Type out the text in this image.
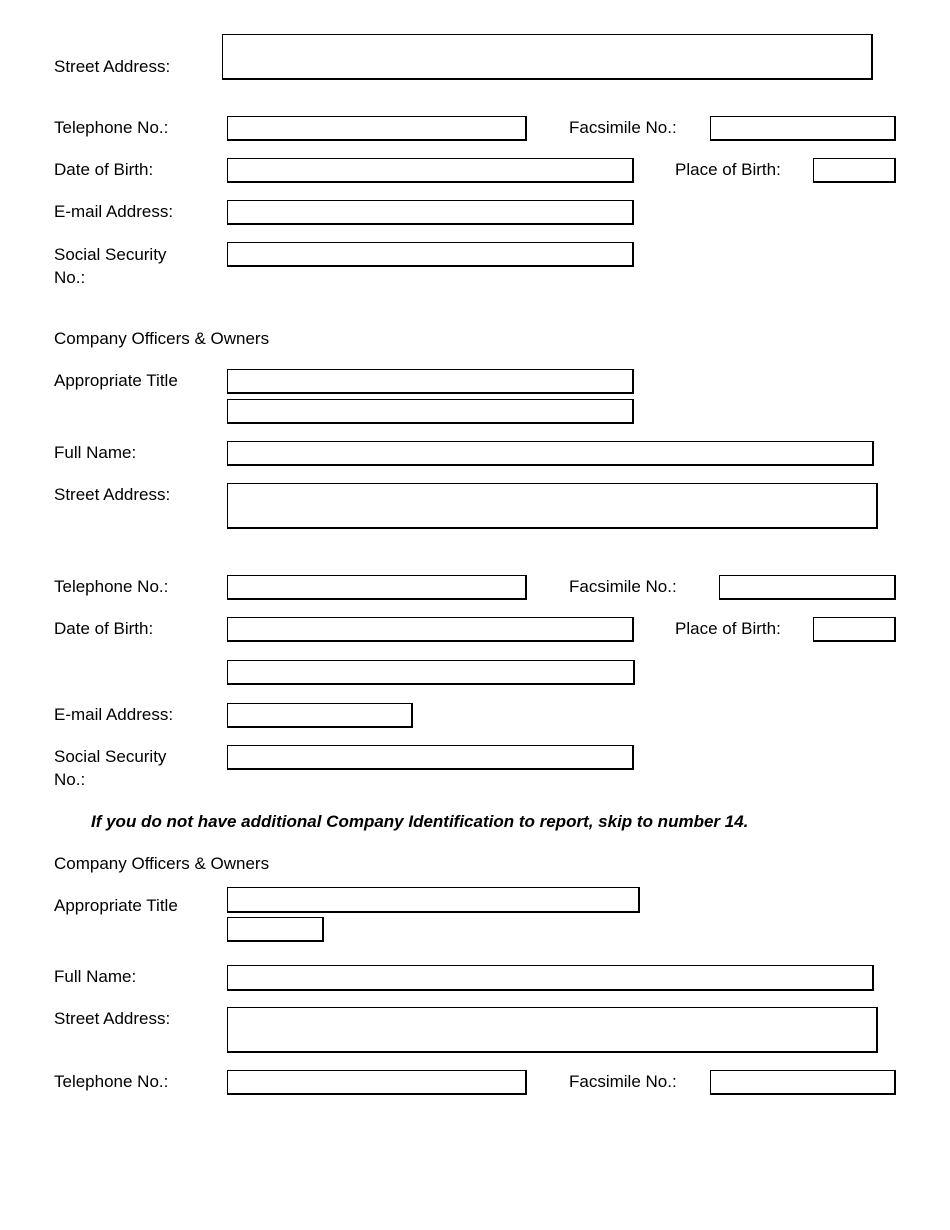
Street Address:
Telephone No.:	Facsimile No.:
Date of Birth:	Place of Birth:
E-mail Address:
Social Security No.:
Company Officers & Owners
Appropriate Title
Full Name:
Street Address:
Telephone No.:	Facsimile No.:
Date of Birth:	Place of Birth:
E-mail Address:
Social Security No.:
If you do not have additional Company Identification to report, skip to number 14.
Company Officers & Owners
Appropriate Title
Full Name:
Street Address:
Telephone No.:	Facsimile No.:
